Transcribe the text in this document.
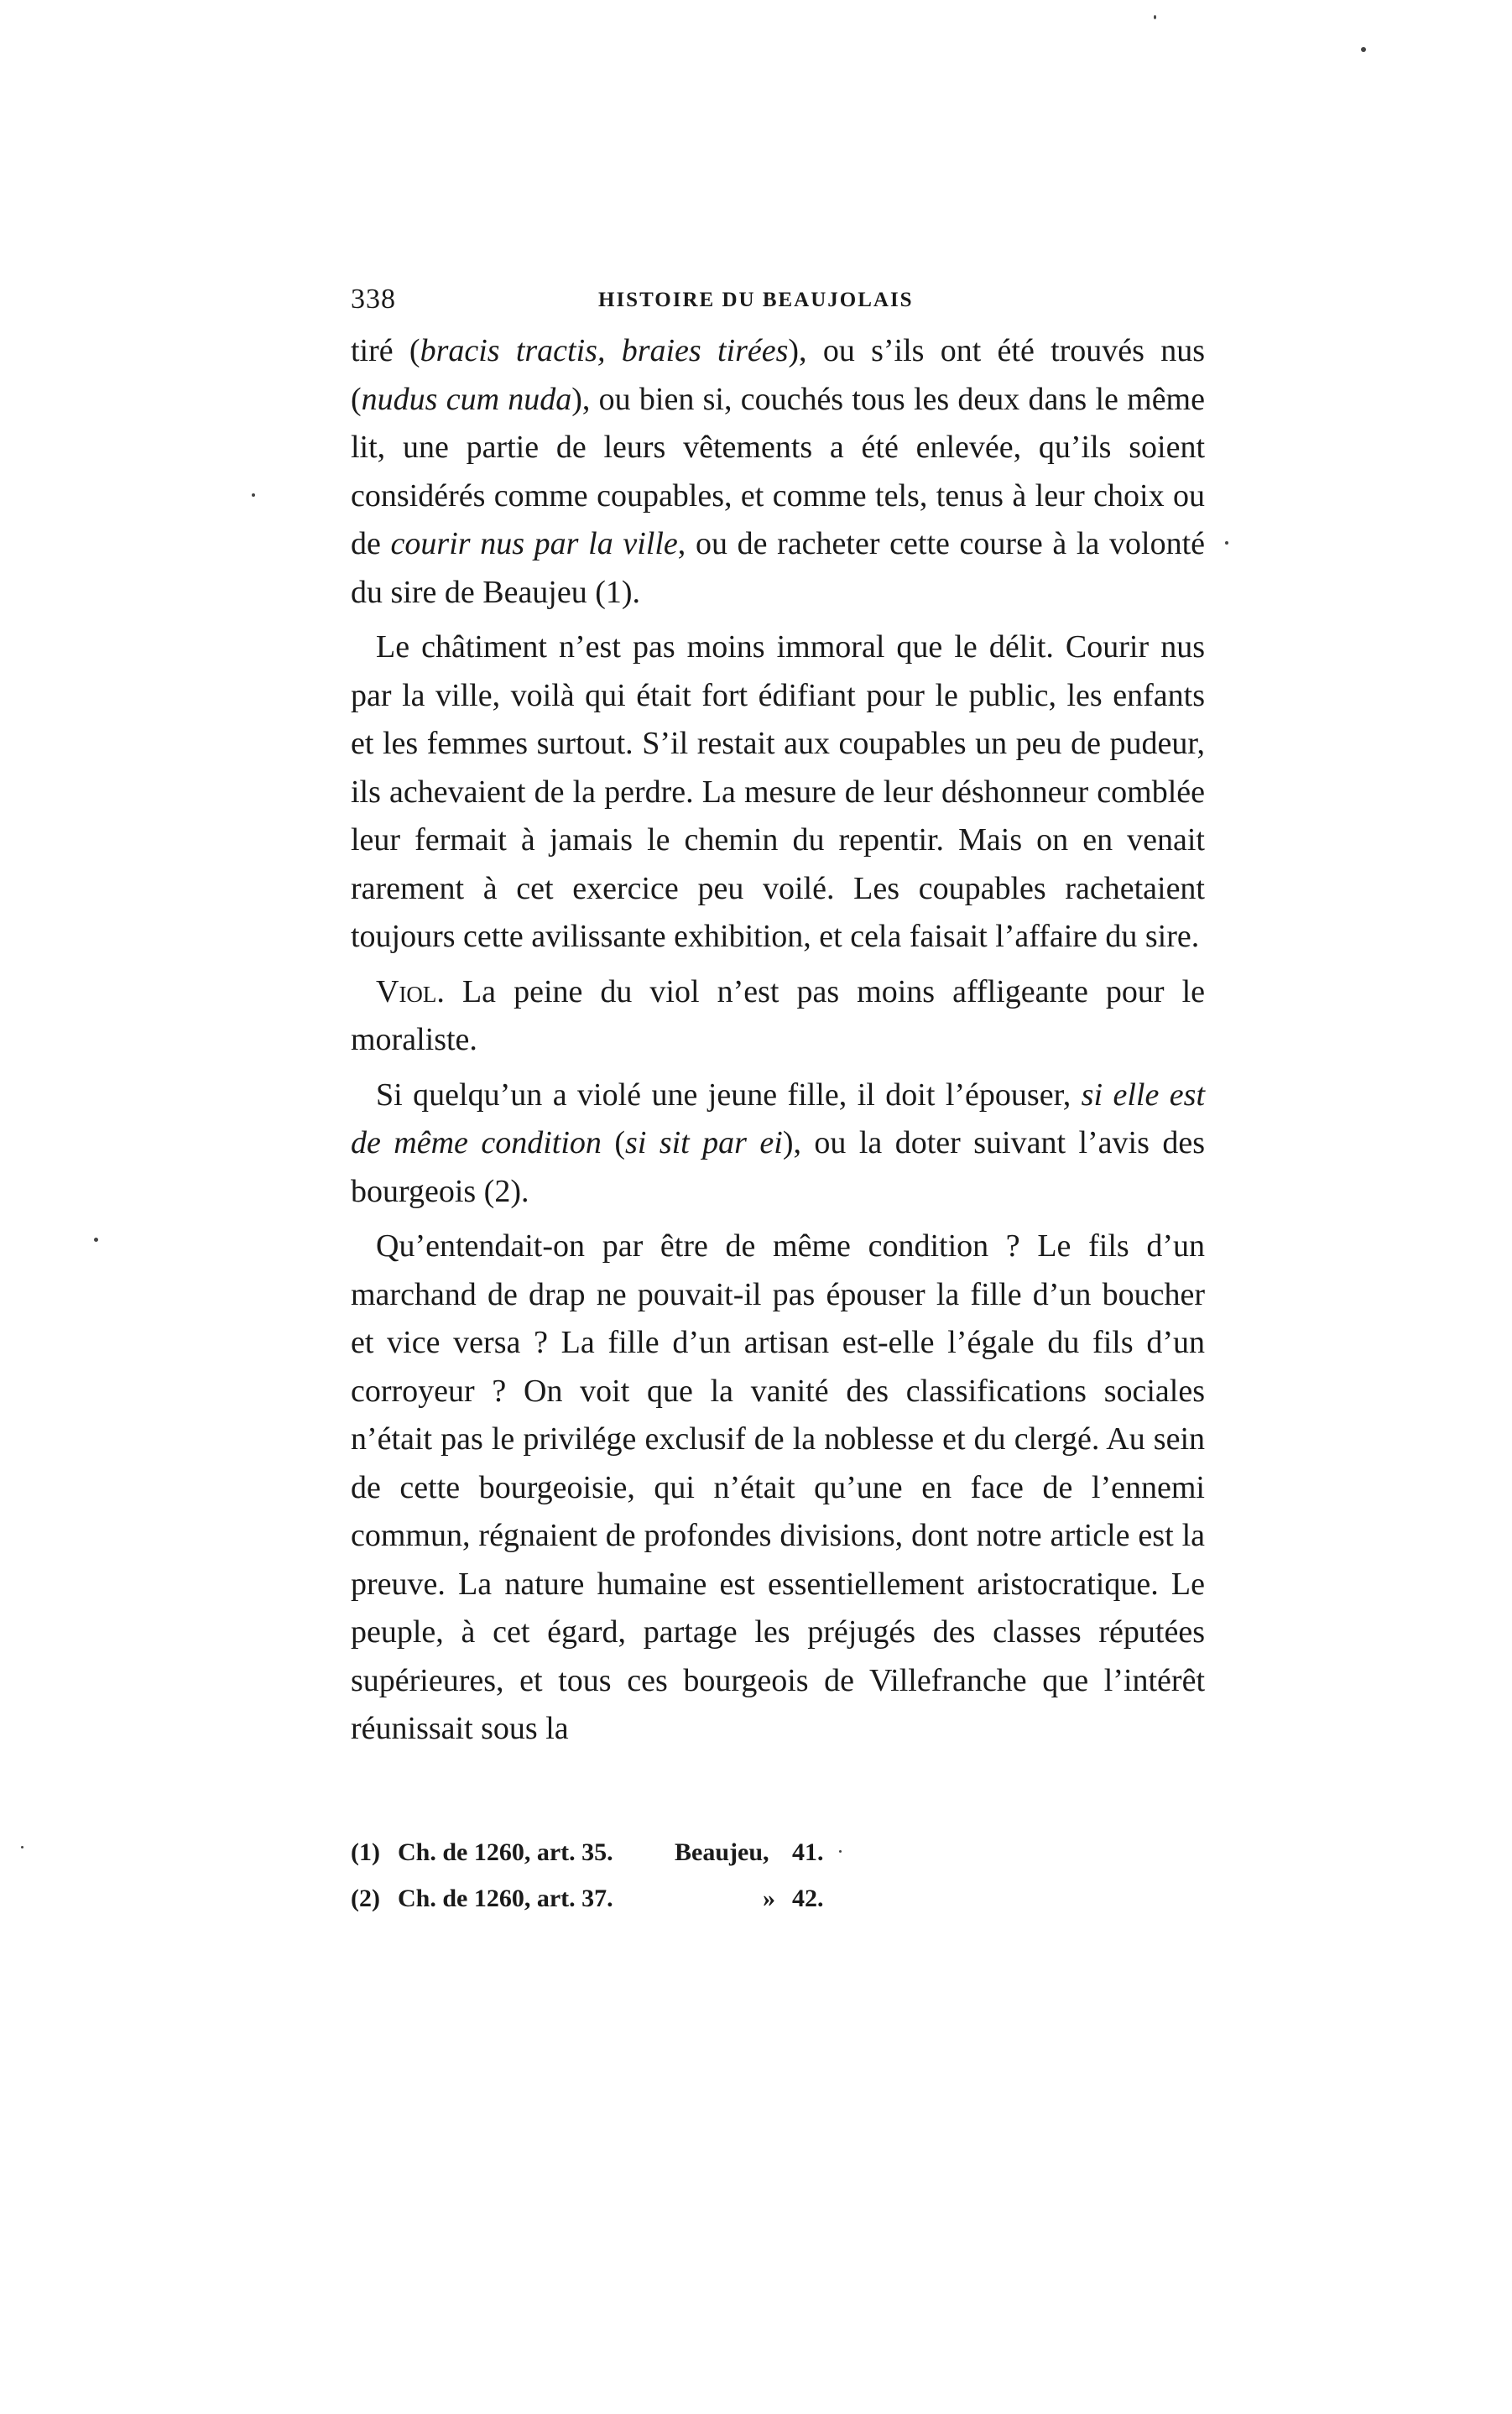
338	HISTOIRE DU BEAUJOLAIS

tiré (bracis tractis, braies tirées), ou s’ils ont été trouvés nus (nudus cum nuda), ou bien si, couchés tous les deux dans le même lit, une partie de leurs vêtements a été enlevée, qu’ils soient considérés comme coupables, et comme tels, tenus à leur choix ou de courir nus par la ville, ou de racheter cette course à la volonté du sire de Beaujeu (1).

Le châtiment n’est pas moins immoral que le délit. Courir nus par la ville, voilà qui était fort édifiant pour le public, les enfants et les femmes surtout. S’il restait aux coupables un peu de pudeur, ils achevaient de la perdre. La mesure de leur déshonneur comblée leur fermait à jamais le chemin du repentir. Mais on en venait rarement à cet exercice peu voilé. Les coupables rachetaient toujours cette avilissante exhibition, et cela faisait l’affaire du sire.

Viol. La peine du viol n’est pas moins affligeante pour le moraliste.

Si quelqu’un a violé une jeune fille, il doit l’épouser, si elle est de même condition (si sit par ei), ou la doter suivant l’avis des bourgeois (2).

Qu’entendait-on par être de même condition ? Le fils d’un marchand de drap ne pouvait-il pas épouser la fille d’un boucher et vice versa ? La fille d’un artisan est-elle l’égale du fils d’un corroyeur ? On voit que la vanité des classifications sociales n’était pas le privilége exclusif de la noblesse et du clergé. Au sein de cette bourgeoisie, qui n’était qu’une en face de l’ennemi commun, régnaient de profondes divisions, dont notre article est la preuve. La nature humaine est essentiellement aristocratique. Le peuple, à cet égard, partage les préjugés des classes réputées supérieures, et tous ces bourgeois de Villefranche que l’intérêt réunissait sous la

(1) Ch. de 1260, art. 35.	Beaujeu, 41.
(2) Ch. de 1260, art. 37.	» 42.
